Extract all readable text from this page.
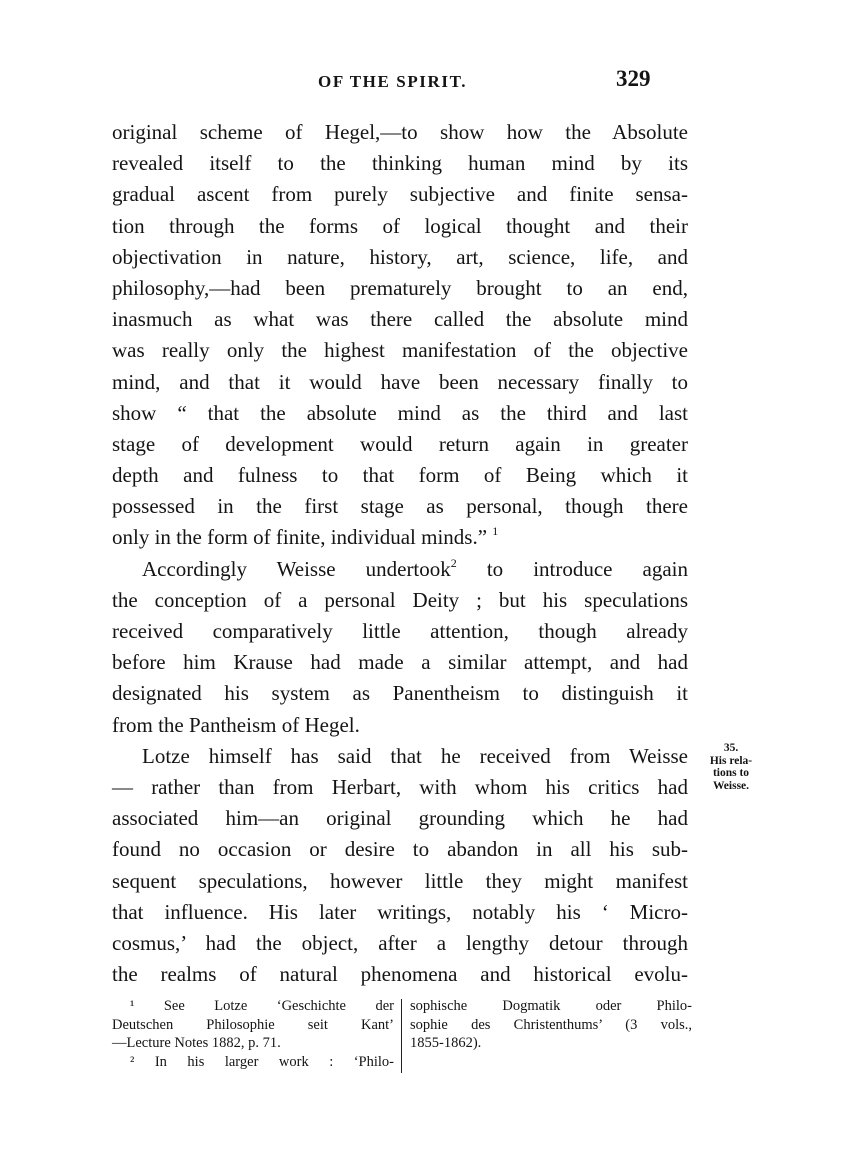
OF THE SPIRIT.	329
original scheme of Hegel,—to show how the Absolute
revealed itself to the thinking human mind by its
gradual ascent from purely subjective and finite sensa-
tion through the forms of logical thought and their
objectivation in nature, history, art, science, life, and
philosophy,—had been prematurely brought to an end,
inasmuch as what was there called the absolute mind
was really only the highest manifestation of the objective
mind, and that it would have been necessary finally to
show “ that the absolute mind as the third and last
stage of development would return again in greater
depth and fulness to that form of Being which it
possessed in the first stage as personal, though there
only in the form of finite, individual minds.” $^1$
Accordingly Weisse undertook$^2$ to introduce again
the conception of a personal Deity ; but his speculations
received comparatively little attention, though already
before him Krause had made a similar attempt, and had
designated his system as Panentheism to distinguish it
from the Pantheism of Hegel.
Lotze himself has said that he received from Weisse
— rather than from Herbart, with whom his critics had
associated him—an original grounding which he had
found no occasion or desire to abandon in all his sub-
sequent speculations, however little they might manifest
that influence. His later writings, notably his ‘ Micro-
cosmus,’ had the object, after a lengthy detour through
the realms of natural phenomena and historical evolu-
35.
His rela-
tions to
Weisse.
¹ See Lotze ‘Geschichte der
Deutschen Philosophie seit Kant’
—Lecture Notes 1882, p. 71.
² In his larger work : ‘Philo-
sophische Dogmatik oder Philo-
sophie des Christenthums’ (3 vols.,
1855-1862).
